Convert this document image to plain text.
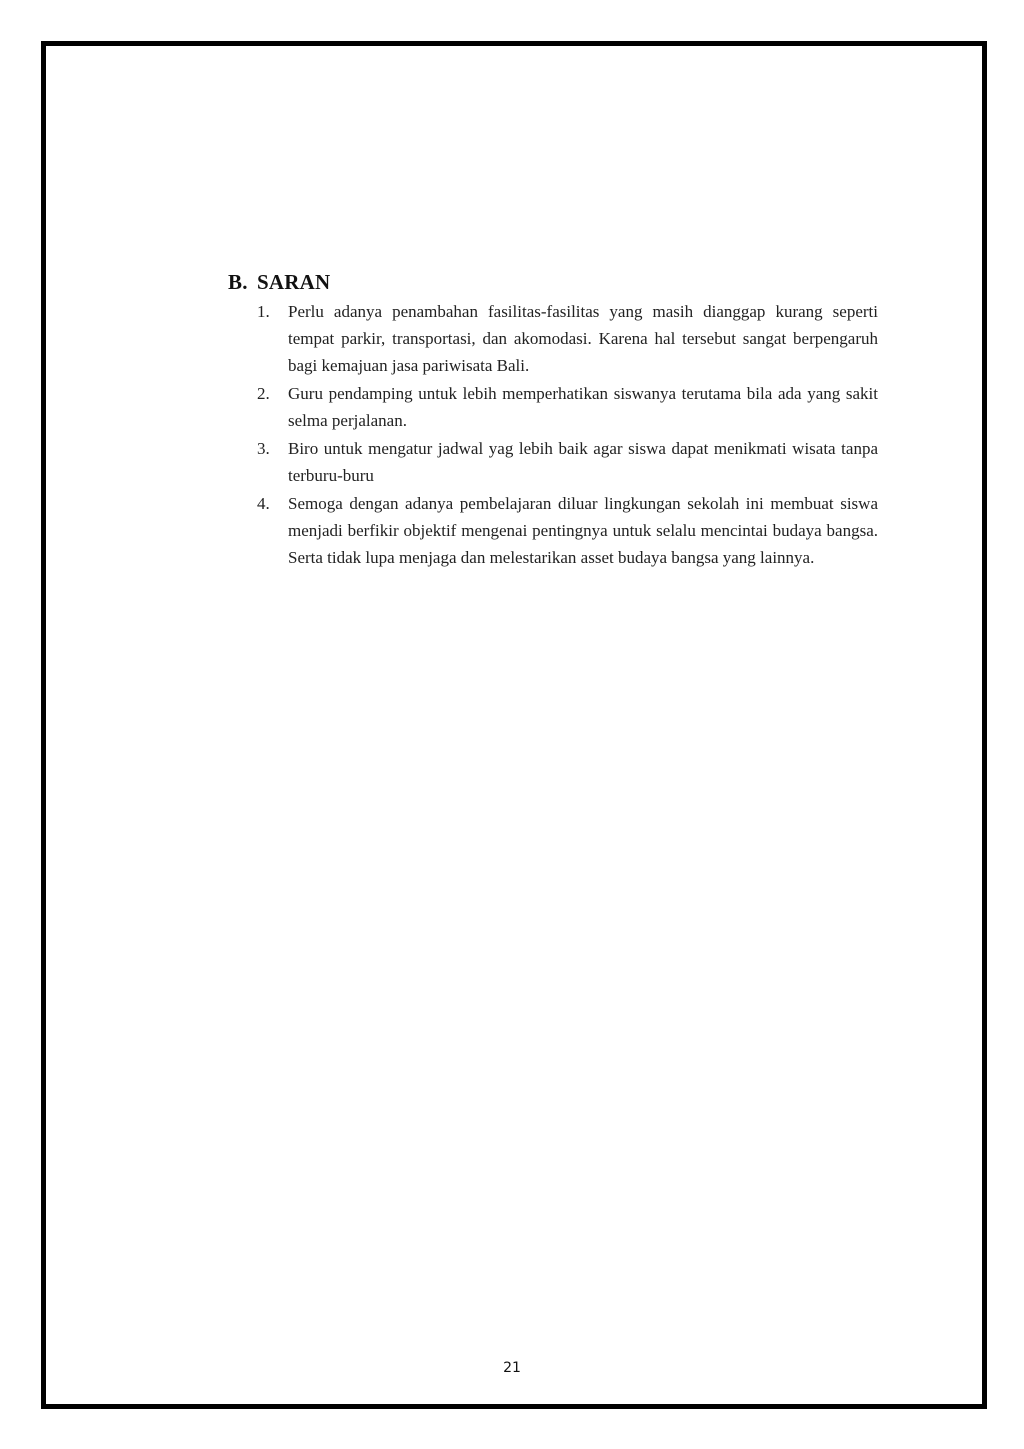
B. SARAN
1.	Perlu adanya penambahan fasilitas-fasilitas yang masih dianggap kurang seperti tempat parkir, transportasi, dan akomodasi. Karena hal tersebut sangat berpengaruh bagi kemajuan jasa pariwisata Bali.
2.	Guru pendamping untuk lebih memperhatikan siswanya terutama bila ada yang sakit selma perjalanan.
3.	Biro untuk mengatur jadwal yag lebih baik agar siswa dapat menikmati wisata tanpa terburu-buru
4.	Semoga dengan adanya pembelajaran diluar lingkungan sekolah ini membuat siswa menjadi berfikir objektif mengenai pentingnya untuk selalu mencintai budaya bangsa. Serta tidak lupa menjaga dan melestarikan asset budaya bangsa yang lainnya.
21
